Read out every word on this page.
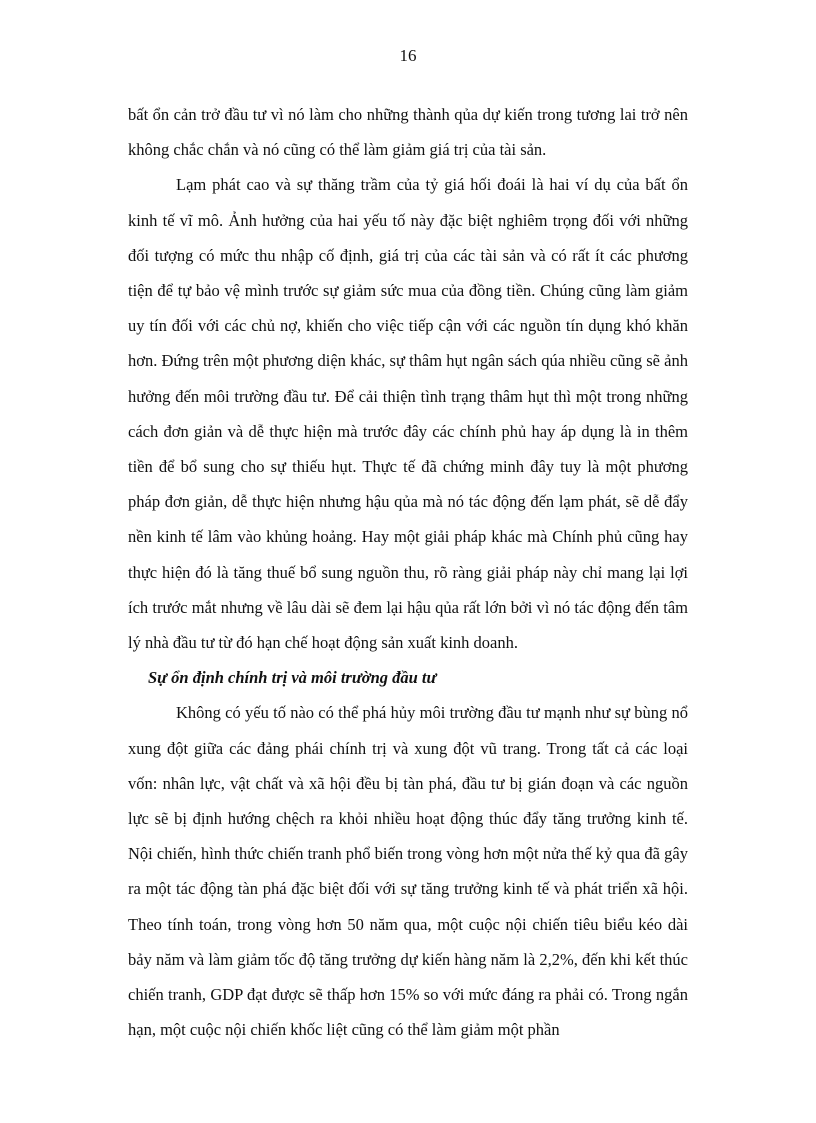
16

bất ổn cản trở đầu tư vì nó làm cho những thành qủa dự kiến trong tương lai trở nên không chắc chắn và nó cũng có thể làm giảm giá trị của tài sản.

Lạm phát cao và sự thăng trầm của tỷ giá hối đoái là hai ví dụ của bất ổn kinh tế vĩ mô. Ảnh hưởng của hai yếu tố này đặc biệt nghiêm trọng đối với những đối tượng có mức thu nhập cố định, giá trị của các tài sản và có rất ít các phương tiện để tự bảo vệ mình trước sự giảm sức mua của đồng tiền. Chúng cũng làm giảm uy tín đối với các chủ nợ, khiến cho việc tiếp cận với các nguồn tín dụng khó khăn hơn. Đứng trên một phương diện khác, sự thâm hụt ngân sách qúa nhiều cũng sẽ ảnh hưởng đến môi trường đầu tư. Để cải thiện tình trạng thâm hụt thì một trong những cách đơn giản và dễ thực hiện mà trước đây các chính phủ hay áp dụng là in thêm tiền để bổ sung cho sự thiếu hụt. Thực tế đã chứng minh đây tuy là một phương pháp đơn giản, dễ thực hiện nhưng hậu qủa mà nó tác động đến lạm phát, sẽ dễ đẩy nền kinh tế lâm vào khủng hoảng. Hay một giải pháp khác mà Chính phủ cũng hay thực hiện đó là tăng thuế bổ sung nguồn thu, rõ ràng giải pháp này chỉ mang lại lợi ích trước mắt nhưng về lâu dài sẽ đem lại hậu qủa rất lớn bởi vì nó tác động đến tâm lý nhà đầu tư từ đó hạn chế hoạt động sản xuất kinh doanh.

Sự ổn định chính trị và môi trường đầu tư

Không có yếu tố nào có thể phá hủy môi trường đầu tư mạnh như sự bùng nổ xung đột giữa các đảng phái chính trị và xung đột vũ trang. Trong tất cả các loại vốn: nhân lực, vật chất và xã hội đều bị tàn phá, đầu tư bị gián đoạn và các nguồn lực sẽ bị định hướng chệch ra khỏi nhiều hoạt động thúc đẩy tăng trưởng kinh tế. Nội chiến, hình thức chiến tranh phổ biến trong vòng hơn một nửa thế kỷ qua đã gây ra một tác động tàn phá đặc biệt đối với sự tăng trưởng kinh tế và phát triển xã hội. Theo tính toán, trong vòng hơn 50 năm qua, một cuộc nội chiến tiêu biểu kéo dài bảy năm và làm giảm tốc độ tăng trưởng dự kiến hàng năm là 2,2%, đến khi kết thúc chiến tranh, GDP đạt được sẽ thấp hơn 15% so với mức đáng ra phải có. Trong ngắn hạn, một cuộc nội chiến khốc liệt cũng có thể làm giảm một phần
